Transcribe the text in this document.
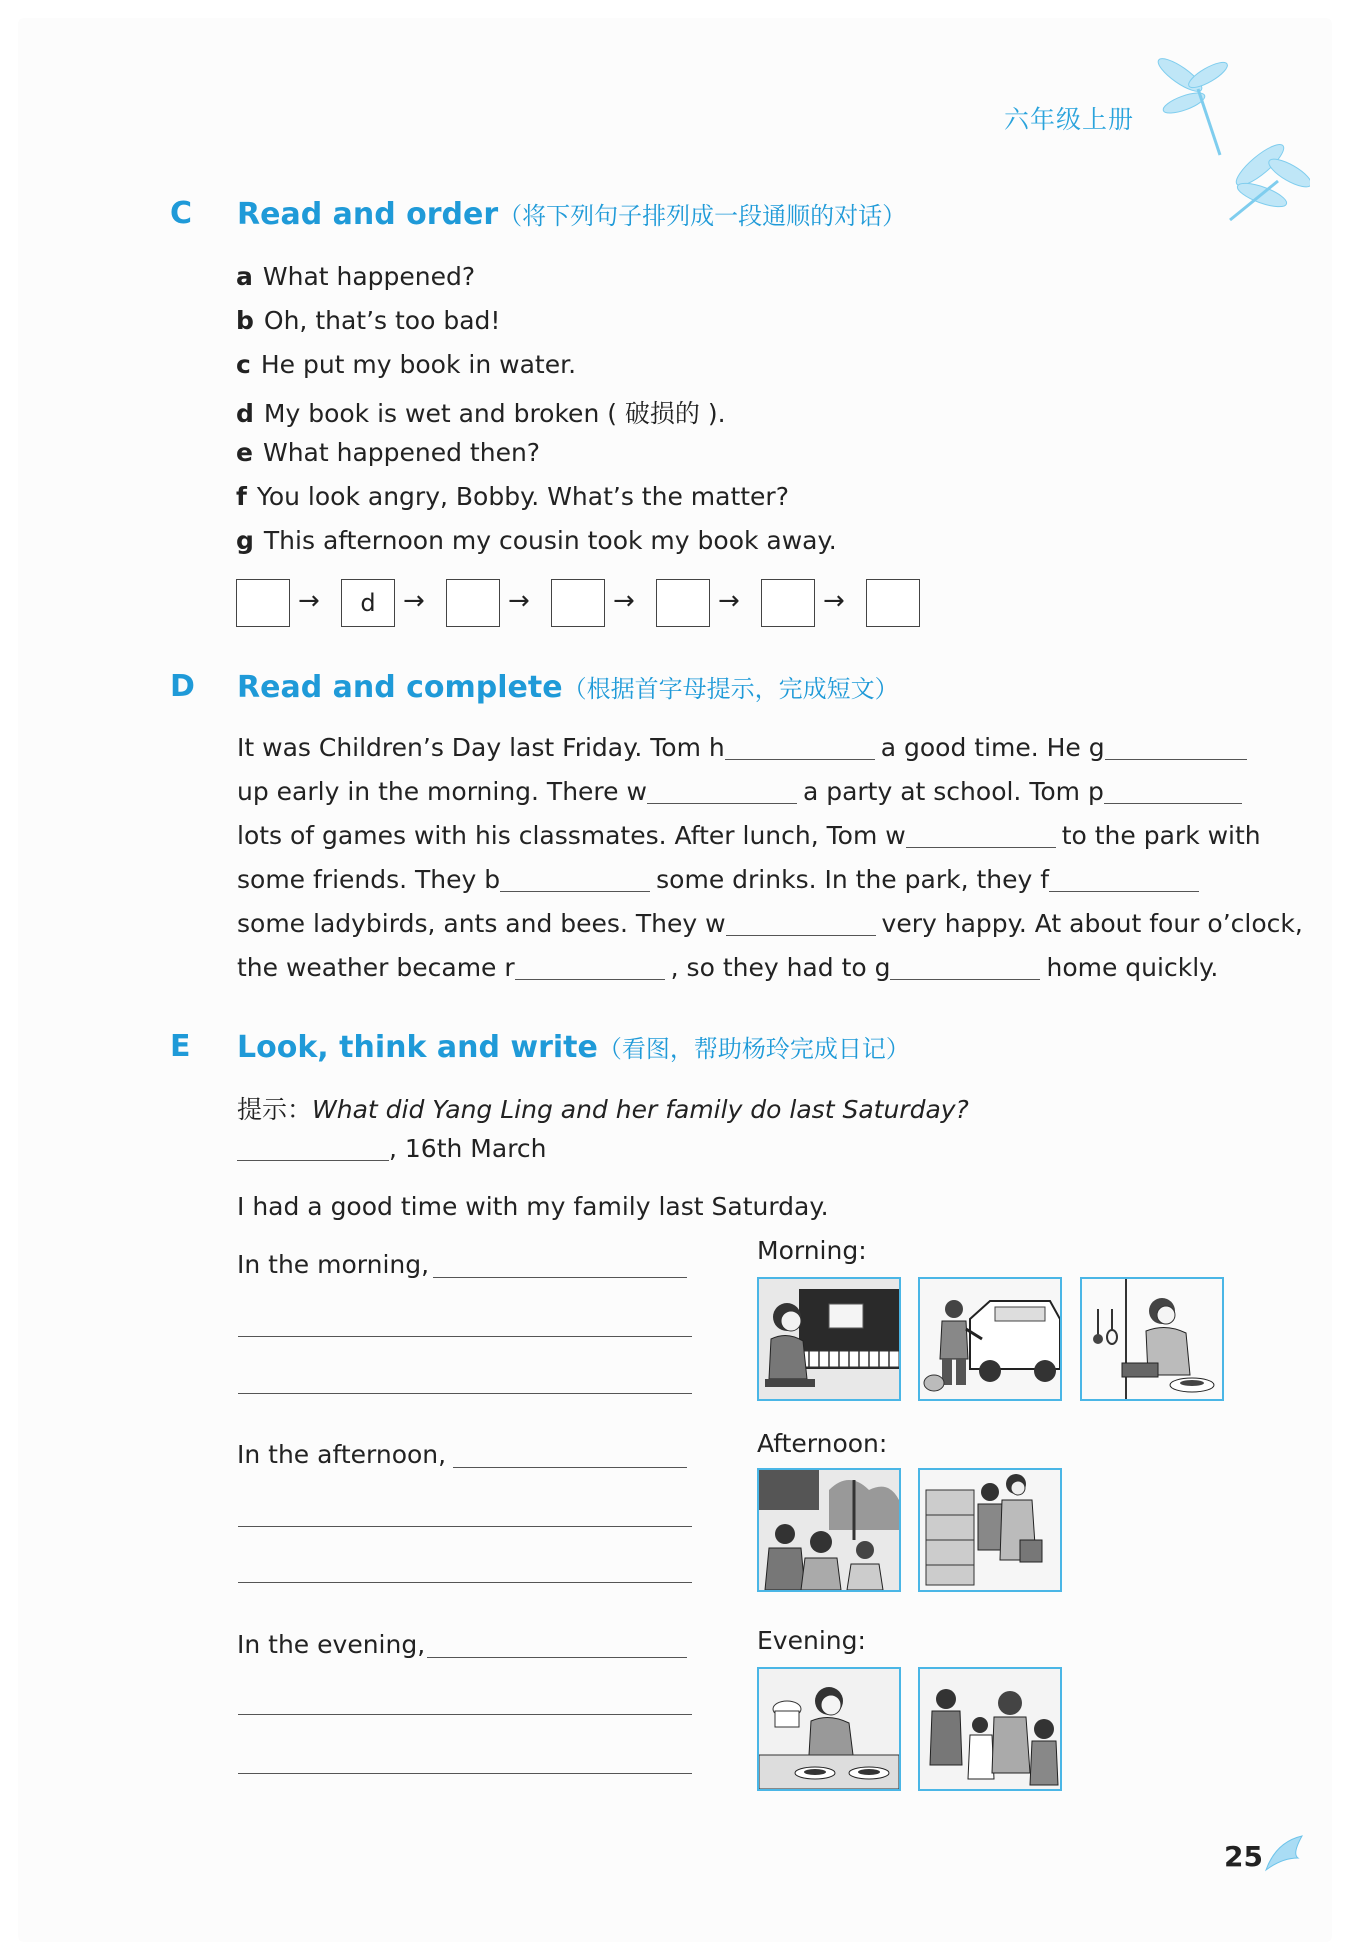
六年级上册
C Read and order（将下列句子排列成一段通顺的对话）
a What happened?
b Oh, that’s too bad!
c He put my book in water.
d My book is wet and broken ( 破损的 ).
e What happened then?
f You look angry, Bobby. What’s the matter?
g This afternoon my cousin took my book away.
→	d	→	→	→	→	→
D Read and complete（根据首字母提示，完成短文）
It was Children’s Day last Friday. Tom h	a good time. He g
up early in the morning. There w	a party at school. Tom p
lots of games with his classmates. After lunch, Tom w	to the park with
some friends. They b	some drinks. In the park, they f
some ladybirds, ants and bees. They w	very happy. At about four o’clock,
the weather became r	, so they had to g	home quickly.
E Look, think and write（看图，帮助杨玲完成日记）
提示：What did Yang Ling and her family do last Saturday?
, 16th March
I had a good time with my family last Saturday.
In the morning,
In the afternoon,
In the evening,
Morning:
Afternoon:
Evening:
25
